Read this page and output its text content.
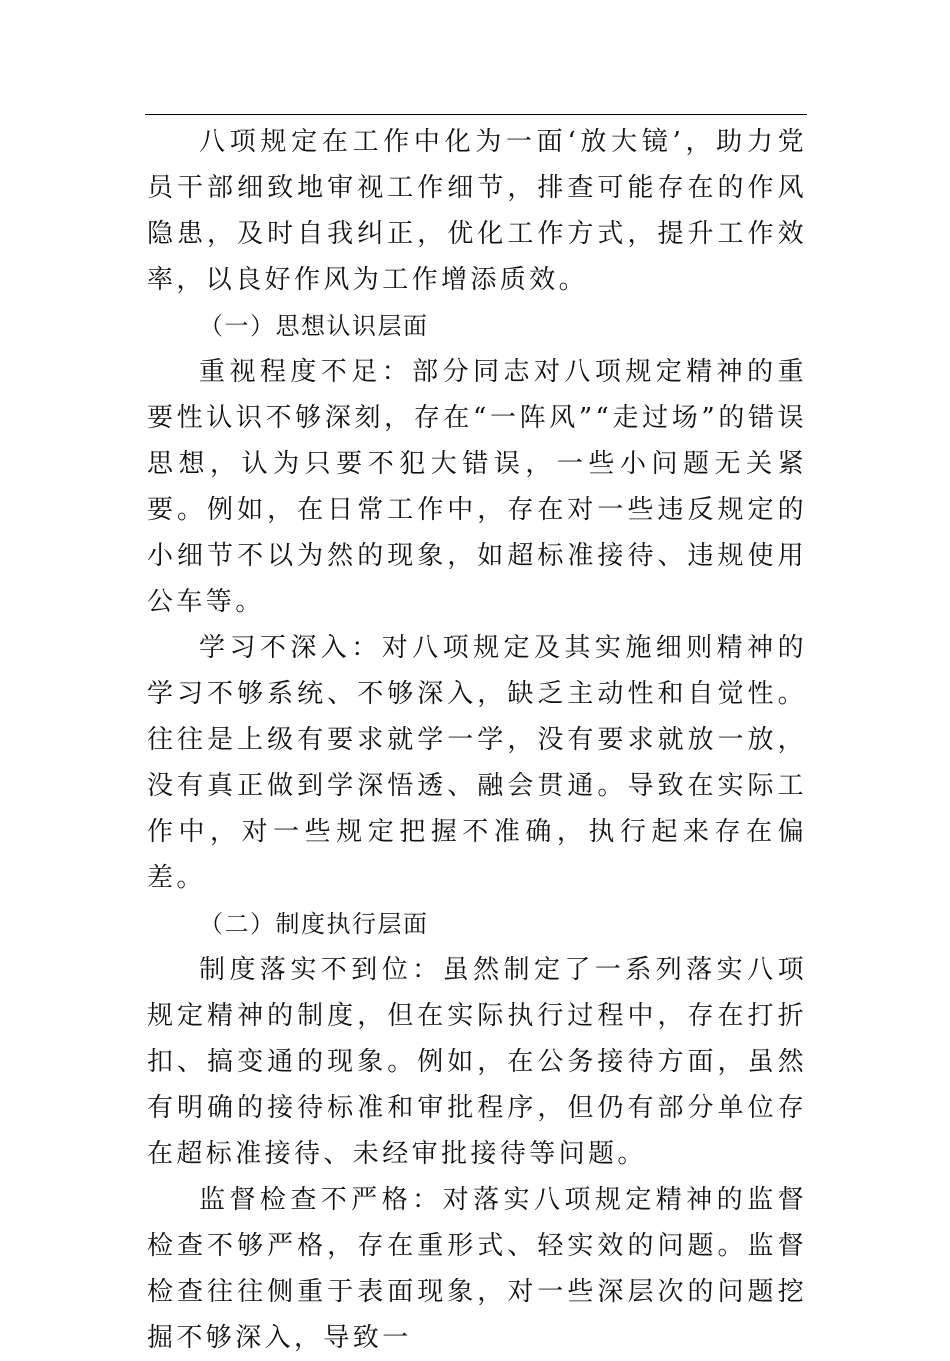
八项规定在工作中化为一面‘放大镜’，助力党员干部细致地审视工作细节，排查可能存在的作风隐患，及时自我纠正，优化工作方式，提升工作效率，以良好作风为工作增添质效。

（一）思想认识层面

重视程度不足：部分同志对八项规定精神的重要性认识不够深刻，存在“一阵风”“走过场”的错误思想，认为只要不犯大错误，一些小问题无关紧要。例如，在日常工作中，存在对一些违反规定的小细节不以为然的现象，如超标准接待、违规使用公车等。

学习不深入：对八项规定及其实施细则精神的学习不够系统、不够深入，缺乏主动性和自觉性。往往是上级有要求就学一学，没有要求就放一放，没有真正做到学深悟透、融会贯通。导致在实际工作中，对一些规定把握不准确，执行起来存在偏差。

（二）制度执行层面

制度落实不到位：虽然制定了一系列落实八项规定精神的制度，但在实际执行过程中，存在打折扣、搞变通的现象。例如，在公务接待方面，虽然有明确的接待标准和审批程序，但仍有部分单位存在超标准接待、未经审批接待等问题。

监督检查不严格：对落实八项规定精神的监督检查不够严格，存在重形式、轻实效的问题。监督检查往往侧重于表面现象，对一些深层次的问题挖掘不够深入，导致一
